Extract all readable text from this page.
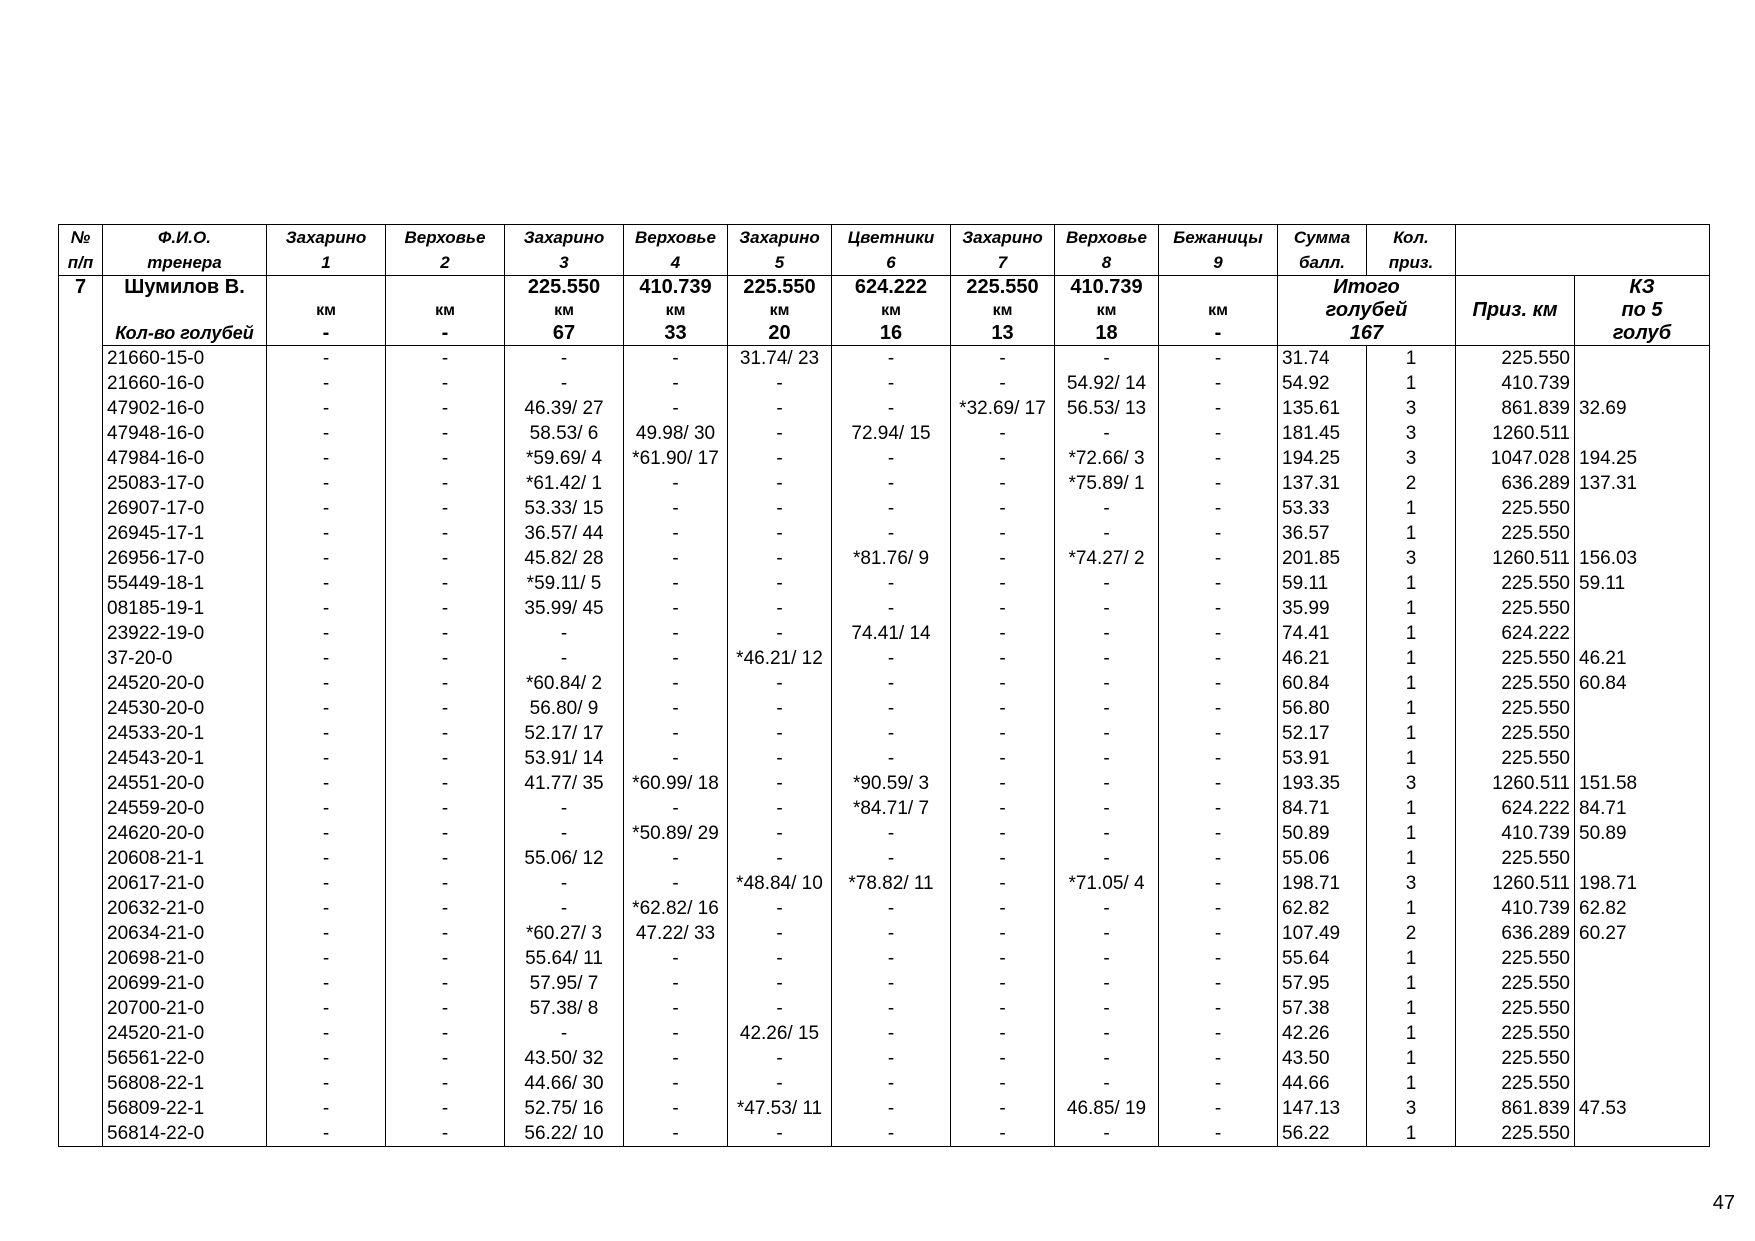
№	Ф.И.О.	Захарино	Верховье	Захарино	Верховье	Захарино	Цветники	Захарино	Верховье	Бежаницы	Сумма	Кол.		
п/п	тренера	1	2	3	4	5	6	7	8	9	балл.	приз.		
7	Шумилов В.			225.550	410.739	225.550	624.222	225.550	410.739		Итого			КЗ
		км	км	км	км	км	км	км	км	км	голубей		Приз. км	по 5
	Кол-во голубей	-	-	67	33	20	16	13	18	-	167			голуб
	21660-15-0	-	-	-	-	31.74/ 23	-	-	-	-	31.74	1	225.550	
	21660-16-0	-	-	-	-	-	-	-	54.92/ 14	-	54.92	1	410.739	
	47902-16-0	-	-	46.39/ 27	-	-	-	*32.69/ 17	56.53/ 13	-	135.61	3	861.839	32.69
	47948-16-0	-	-	58.53/ 6	49.98/ 30	-	72.94/ 15	-	-	-	181.45	3	1260.511	
	47984-16-0	-	-	*59.69/ 4	*61.90/ 17	-	-	-	*72.66/ 3	-	194.25	3	1047.028	194.25
	25083-17-0	-	-	*61.42/ 1	-	-	-	-	*75.89/ 1	-	137.31	2	636.289	137.31
	26907-17-0	-	-	53.33/ 15	-	-	-	-	-	-	53.33	1	225.550	
	26945-17-1	-	-	36.57/ 44	-	-	-	-	-	-	36.57	1	225.550	
	26956-17-0	-	-	45.82/ 28	-	-	*81.76/ 9	-	*74.27/ 2	-	201.85	3	1260.511	156.03
	55449-18-1	-	-	*59.11/ 5	-	-	-	-	-	-	59.11	1	225.550	59.11
	08185-19-1	-	-	35.99/ 45	-	-	-	-	-	-	35.99	1	225.550	
	23922-19-0	-	-	-	-	-	74.41/ 14	-	-	-	74.41	1	624.222	
	37-20-0	-	-	-	-	*46.21/ 12	-	-	-	-	46.21	1	225.550	46.21
	24520-20-0	-	-	*60.84/ 2	-	-	-	-	-	-	60.84	1	225.550	60.84
	24530-20-0	-	-	56.80/ 9	-	-	-	-	-	-	56.80	1	225.550	
	24533-20-1	-	-	52.17/ 17	-	-	-	-	-	-	52.17	1	225.550	
	24543-20-1	-	-	53.91/ 14	-	-	-	-	-	-	53.91	1	225.550	
	24551-20-0	-	-	41.77/ 35	*60.99/ 18	-	*90.59/ 3	-	-	-	193.35	3	1260.511	151.58
	24559-20-0	-	-	-	-	-	*84.71/ 7	-	-	-	84.71	1	624.222	84.71
	24620-20-0	-	-	-	*50.89/ 29	-	-	-	-	-	50.89	1	410.739	50.89
	20608-21-1	-	-	55.06/ 12	-	-	-	-	-	-	55.06	1	225.550	
	20617-21-0	-	-	-	-	*48.84/ 10	*78.82/ 11	-	*71.05/ 4	-	198.71	3	1260.511	198.71
	20632-21-0	-	-	-	*62.82/ 16	-	-	-	-	-	62.82	1	410.739	62.82
	20634-21-0	-	-	*60.27/ 3	47.22/ 33	-	-	-	-	-	107.49	2	636.289	60.27
	20698-21-0	-	-	55.64/ 11	-	-	-	-	-	-	55.64	1	225.550	
	20699-21-0	-	-	57.95/ 7	-	-	-	-	-	-	57.95	1	225.550	
	20700-21-0	-	-	57.38/ 8	-	-	-	-	-	-	57.38	1	225.550	
	24520-21-0	-	-	-	-	42.26/ 15	-	-	-	-	42.26	1	225.550	
	56561-22-0	-	-	43.50/ 32	-	-	-	-	-	-	43.50	1	225.550	
	56808-22-1	-	-	44.66/ 30	-	-	-	-	-	-	44.66	1	225.550	
	56809-22-1	-	-	52.75/ 16	-	*47.53/ 11	-	-	46.85/ 19	-	147.13	3	861.839	47.53
	56814-22-0	-	-	56.22/ 10	-	-	-	-	-	-	56.22	1	225.550	
47
